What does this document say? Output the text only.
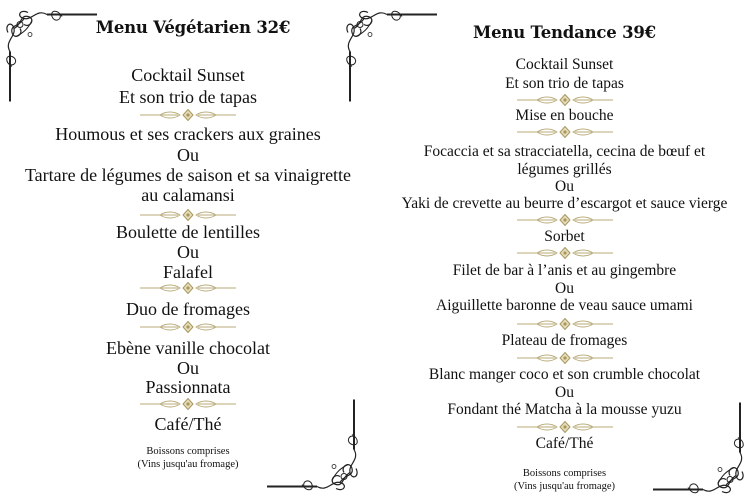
Menu Végétarien 32€
Cocktail Sunset
Et son trio de tapas
Houmous et ses crackers aux graines
Ou
Tartare de légumes de saison et sa vinaigrette
au calamansi
Boulette de lentilles
Ou
Falafel
Duo de fromages
Ebène vanille chocolat
Ou
Passionnata
Café/Thé
Boissons comprises
(Vins jusqu'au fromage)
Menu Tendance 39€
Cocktail Sunset
Et son trio de tapas
Mise en bouche
Focaccia et sa stracciatella, cecina de bœuf et
légumes grillés
Ou
Yaki de crevette au beurre d’escargot et sauce vierge
Sorbet
Filet de bar à l’anis et au gingembre
Ou
Aiguillette baronne de veau sauce umami
Plateau de fromages
Blanc manger coco et son crumble chocolat
Ou
Fondant thé Matcha à la mousse yuzu
Café/Thé
Boissons comprises
(Vins jusqu'au fromage)
